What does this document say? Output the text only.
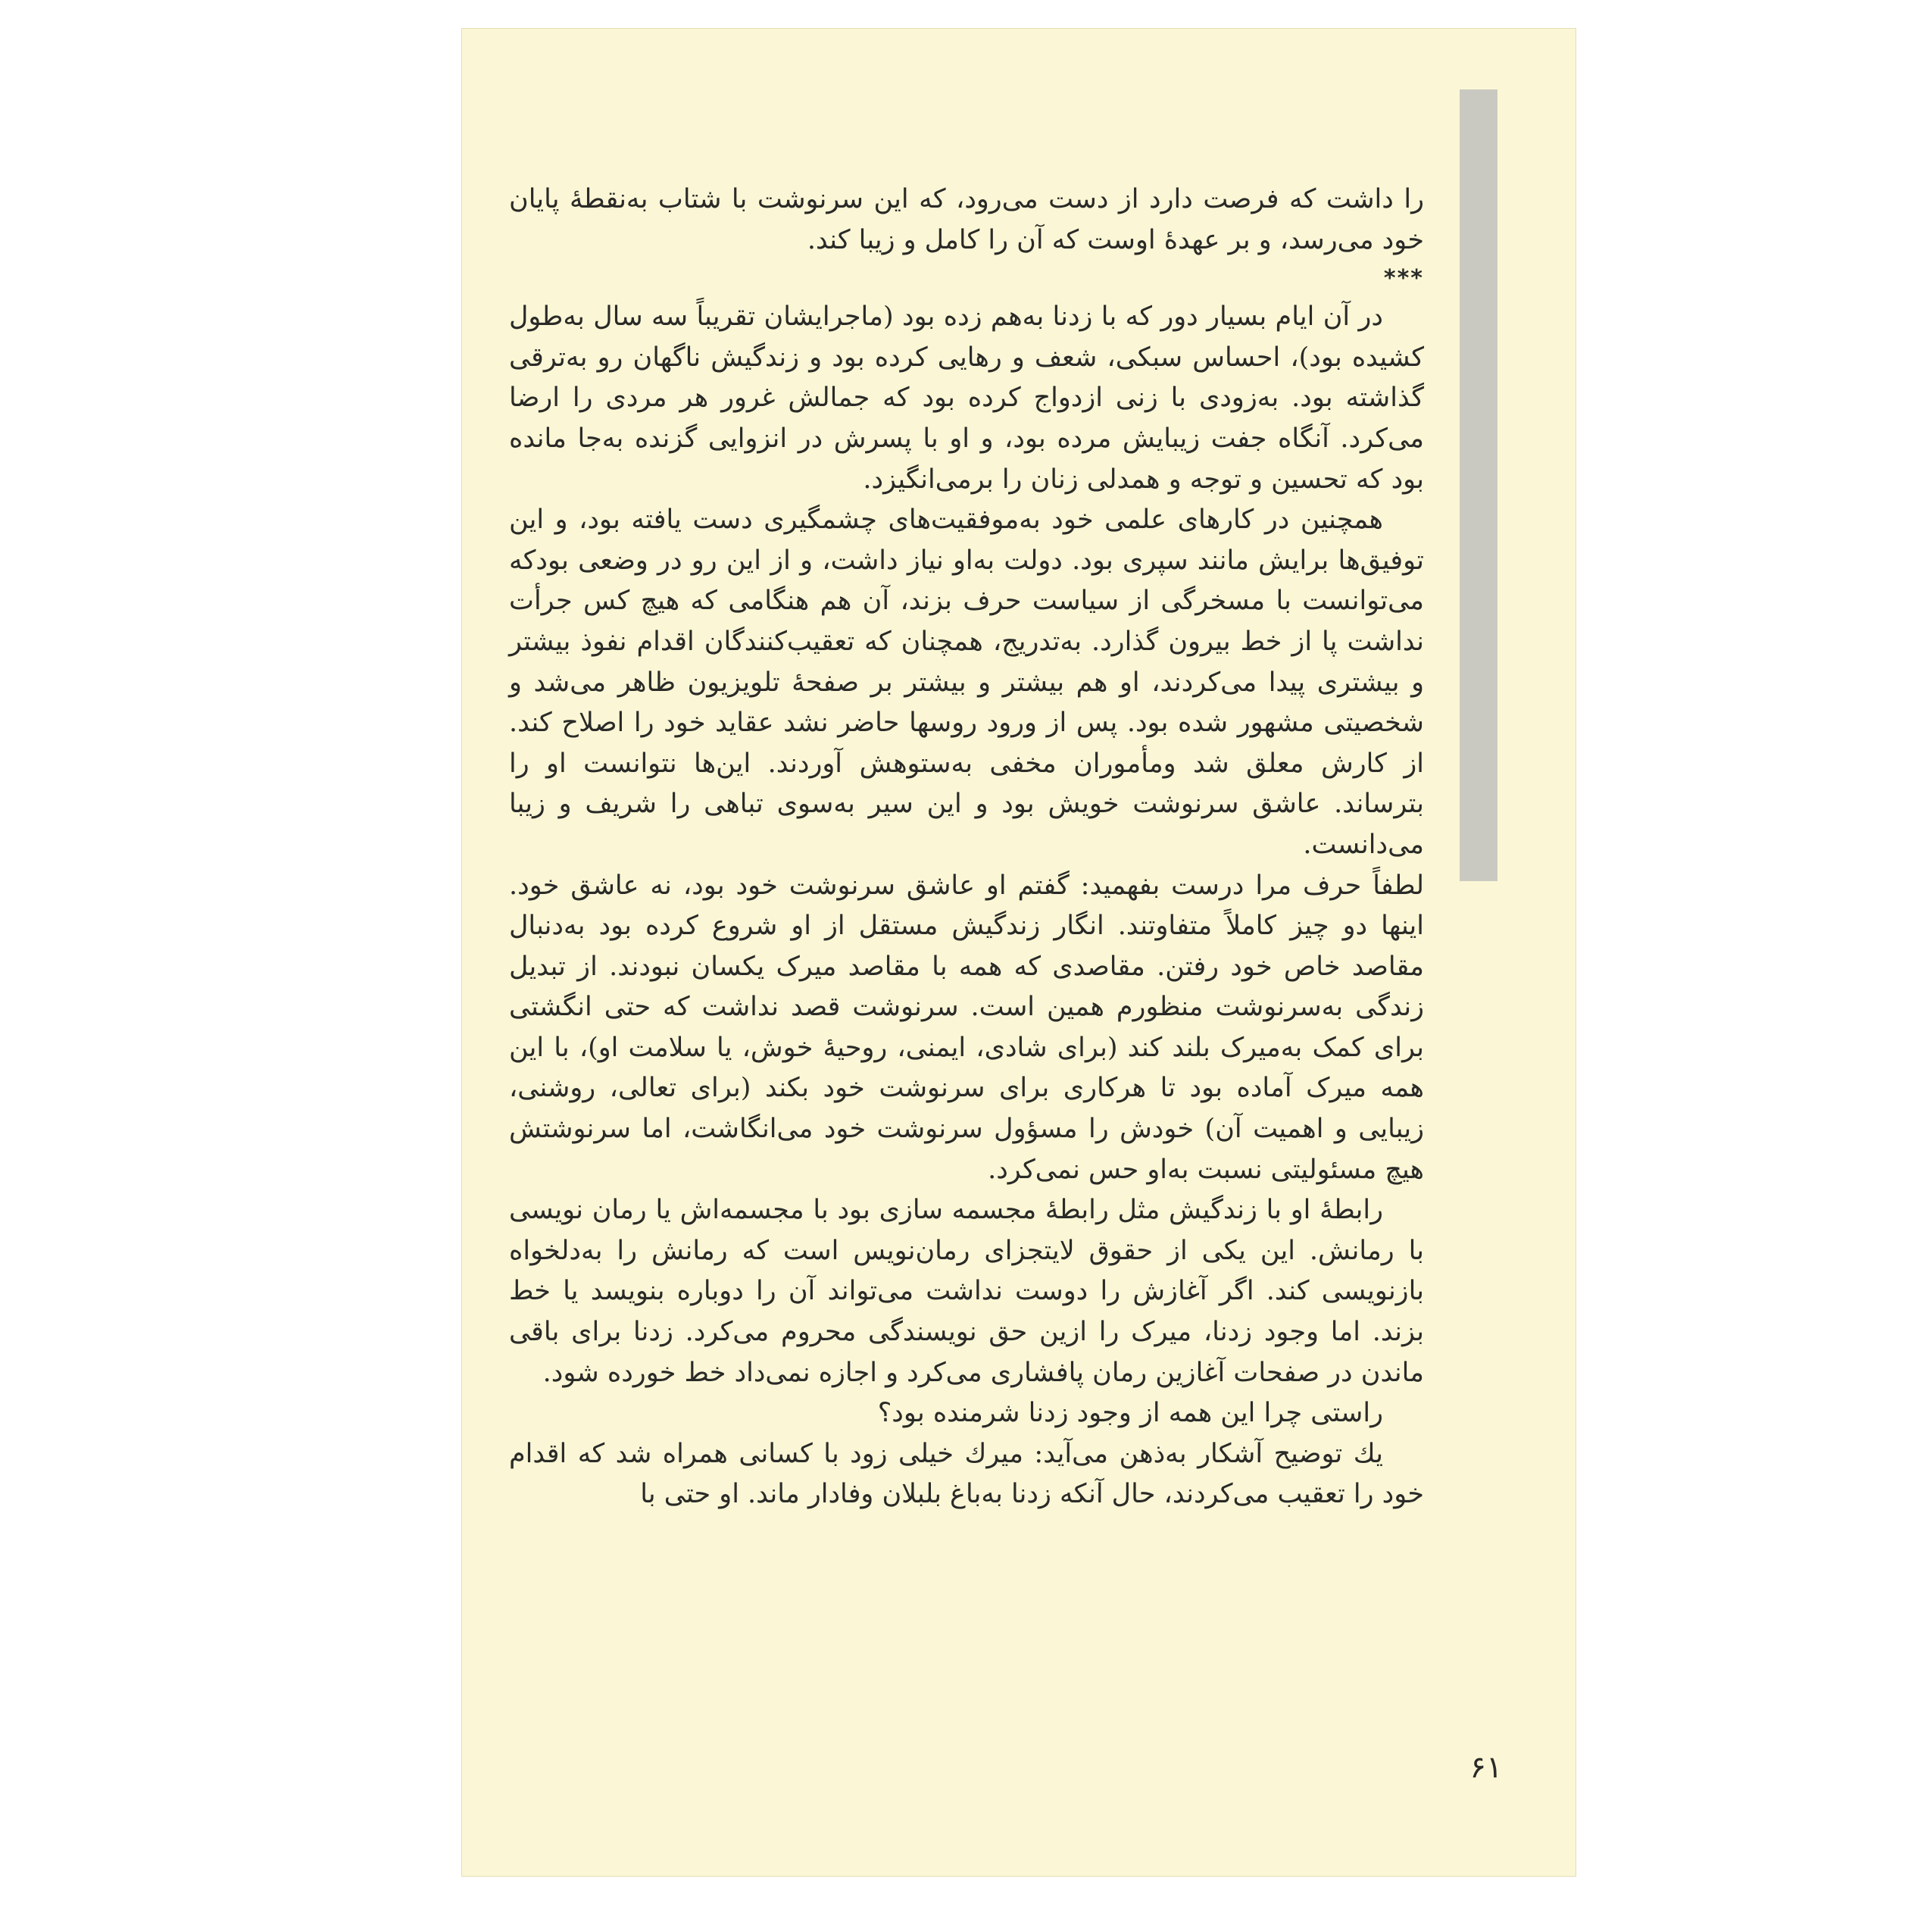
را داشت که فرصت دارد از دست می‌رود، که این سرنوشت با شتاب به‌نقطهٔ پایان خود می‌رسد، و بر عهدهٔ اوست که آن را کامل و زیبا کند.

***

در آن ایام بسیار دور که با زدنا به‌هم زده بود (ماجرایشان تقریباً سه سال به‌طول کشیده بود)، احساس سبکی، شعف و رهایی کرده بود و زندگیش ناگهان رو به‌ترقی گذاشته بود. به‌زودی با زنی ازدواج کرده بود که جمالش غرور هر مردی را ارضا می‌کرد. آنگاه جفت زیبایش مرده بود، و او با پسرش در انزوایی گزنده به‌جا مانده بود که تحسین و توجه و همدلی زنان را برمی‌انگیزد.

همچنین در کارهای علمی خود به‌موفقیت‌های چشمگیری دست یافته بود، و این توفیق‌ها برایش مانند سپری بود. دولت به‌او نیاز داشت، و از این رو در وضعی بودکه می‌توانست با مسخرگی از سیاست حرف بزند، آن هم هنگامی که هیچ کس جرأت نداشت پا از خط بیرون گذارد. به‌تدریج، همچنان که تعقیب‌کنندگان اقدام نفوذ بیشتر و بیشتری پیدا می‌کردند، او هم بیشتر و بیشتر بر صفحهٔ تلویزیون ظاهر می‌شد و شخصیتی مشهور شده بود. پس از ورود روسها حاضر نشد عقاید خود را اصلاح کند. از کارش معلق شد ومأموران مخفی به‌ستوهش آوردند. این‌ها نتوانست او را بترساند. عاشق سرنوشت خویش بود و این سیر به‌سوی تباهی را شریف و زیبا می‌دانست.

لطفاً حرف مرا درست بفهمید: گفتم او عاشق سرنوشت خود بود، نه عاشق خود. اینها دو چیز کاملاً متفاوتند. انگار زندگیش مستقل از او شروع کرده بود به‌دنبال مقاصد خاص خود رفتن. مقاصدی که همه با مقاصد میرک یکسان نبودند. از تبدیل زندگی به‌سرنوشت منظورم همین است. سرنوشت قصد نداشت که حتی انگشتی برای کمک به‌میرک بلند کند (برای شادی، ایمنی، روحیهٔ خوش، یا سلامت او)، با این همه میرک آماده بود تا هرکاری برای سرنوشت خود بکند (برای تعالی، روشنی، زیبایی و اهمیت آن) خودش را مسؤول سرنوشت خود می‌انگاشت، اما سرنوشتش هیچ مسئولیتی نسبت به‌او حس نمی‌کرد.

رابطهٔ او با زندگیش مثل رابطهٔ مجسمه سازی بود با مجسمه‌اش یا رمان نویسی با رمانش. این یکی از حقوق لایتجزای رمان‌نویس است که رمانش را به‌دلخواه بازنویسی کند. اگر آغازش را دوست نداشت می‌تواند آن را دوباره بنویسد یا خط بزند. اما وجود زدنا، میرک را ازین حق نویسندگی محروم می‌کرد. زدنا برای باقی ماندن در صفحات آغازین رمان پافشاری می‌کرد و اجازه نمی‌داد خط خورده شود.

راستی چرا این همه از وجود زدنا شرمنده بود؟

یك توضیح آشکار به‌ذهن می‌آید: میرك خیلی زود با کسانی همراه شد که اقدام خود را تعقیب می‌کردند، حال آنکه زدنا به‌باغ بلبلان وفادار ماند. او حتی با

۶۱
